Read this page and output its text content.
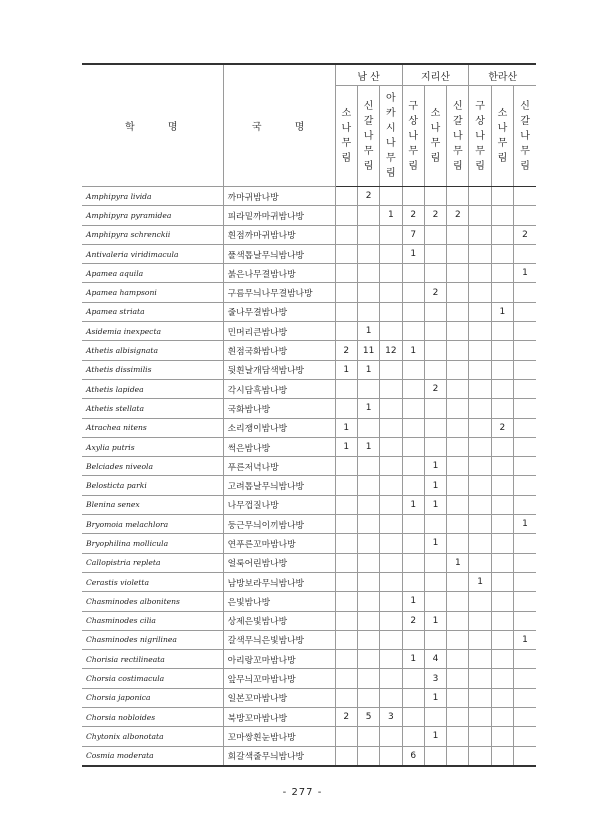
학 명	국 명	남 산			지리산			한라산		

		소나무림	신갈나무림	아카시나무림	구상나무림	소나무림	신갈나무림	구상나무림	소나무림	신갈나무림

Amphipyra livida	까마귀밤나방		2							
Amphipyra pyramidea	피라밑까마귀밤나방			1	2	2	2			
Amphipyra schrenckii	흰점까마귀밤나방				7					2
Antivaleria viridimacula	풀색톱날무늬밤나방				1					
Apamea aquila	붉은나무결밤나방									1
Apamea hampsoni	구름무늬나무결밤나방					2				
Apamea striata	줄나무결밤나방								1	
Asidemia inexpecta	민머리큰밤나방		1							
Athetis albisignata	흰점국화밤나방	2	11	12	1					
Athetis dissimilis	뒷흰날개담색밤나방	1	1							
Athetis lapidea	각시담흑밤나방					2				
Athetis stellata	국화밤나방		1							
Atrachea nitens	소리쟁이밤나방	1							2	
Axylia putris	썩은밤나방	1	1							
Belciades niveola	푸른저녁나방					1				
Belosticta parki	고려톱날무늬밤나방					1				
Blenina senex	나무껍질나방				1	1				
Bryomoia melachlora	둥근무늬이끼밤나방									1
Bryophilina mollicula	연푸른꼬마밤나방					1				
Callopistria repleta	얼룩어린밤나방						1			
Cerastis violetta	남방보라무늬밤나방							1		
Chasminodes albonitens	은빛밤나방				1					
Chasminodes cilia	상제은빛밤나방				2	1				
Chasminodes nigrilinea	갈색무늬은빛밤나방									1
Chorisia rectilineata	아리랑꼬마밤나방				1	4				
Chorsia costimacula	앞무늬꼬마밤나방					3				
Chorsia japonica	일본꼬마밤나방					1				
Chorsia nobloides	북방꼬마밤나방	2	5	3						
Chytonix albonotata	꼬마쌍흰눈밤나방					1				
Cosmia moderata	회갈색줄무늬밤나방				6					
- 277 -
